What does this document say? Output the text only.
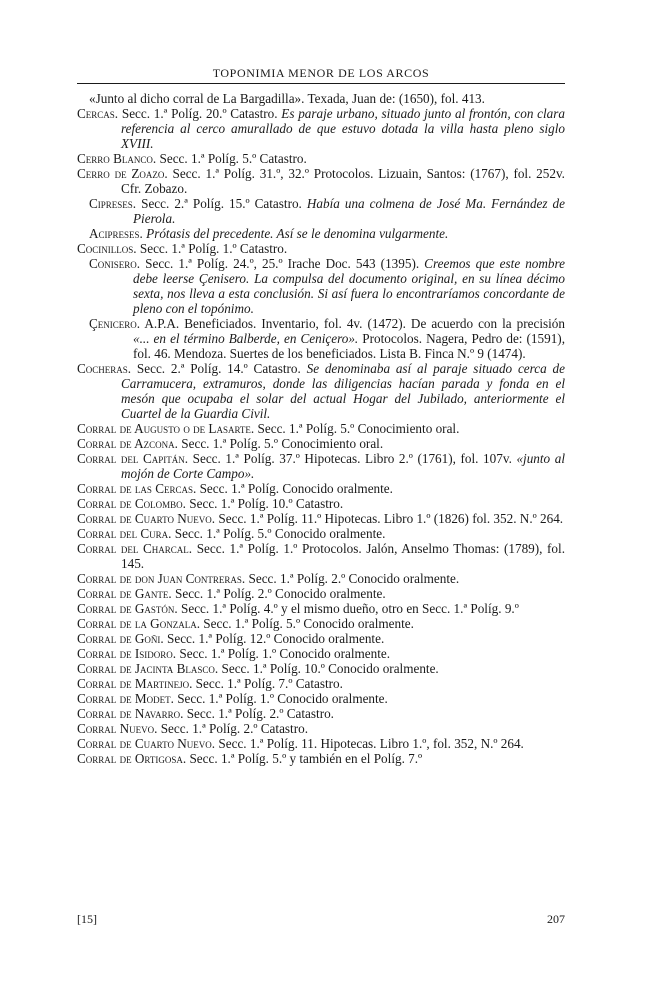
TOPONIMIA MENOR DE LOS ARCOS
«Junto al dicho corral de La Bargadilla». Texada, Juan de: (1650), fol. 413.
Cercas. Secc. 1.ª Políg. 20.º Catastro. Es paraje urbano, situado junto al frontón, con clara referencia al cerco amurallado de que estuvo dotada la villa hasta pleno siglo XVIII.
Cerro Blanco. Secc. 1.ª Políg. 5.º Catastro.
Cerro de Zoazo. Secc. 1.ª Políg. 31.º, 32.º Protocolos. Lizuain, Santos: (1767), fol. 252v. Cfr. Zobazo.
Cipreses. Secc. 2.ª Políg. 15.º Catastro. Había una colmena de José Ma. Fernández de Pierola.
Acipreses. Prótasis del precedente. Así se le denomina vulgarmente.
Cocinillos. Secc. 1.ª Políg. 1.º Catastro.
Conisero. Secc. 1.ª Políg. 24.º, 25.º Irache Doc. 543 (1395). Creemos que este nombre debe leerse Çenisero. La compulsa del documento original, en su línea décimo sexta, nos lleva a esta conclusión. Si así fuera lo encontraríamos concordante de pleno con el topónimo.
Çenicero. A.P.A. Beneficiados. Inventario, fol. 4v. (1472). De acuerdo con la precisión «... en el término Balberde, en Ceniçero». Protocolos. Nagera, Pedro de: (1591), fol. 46. Mendoza. Suertes de los beneficiados. Lista B. Finca N.º 9 (1474).
Cocheras. Secc. 2.ª Políg. 14.º Catastro. Se denominaba así al paraje situado cerca de Carramucera, extramuros, donde las diligencias hacían parada y fonda en el mesón que ocupaba el solar del actual Hogar del Jubilado, anteriormente el Cuartel de la Guardia Civil.
Corral de Augusto o de Lasarte. Secc. 1.ª Políg. 5.º Conocimiento oral.
Corral de Azcona. Secc. 1.ª Políg. 5.º Conocimiento oral.
Corral del Capitán. Secc. 1.ª Políg. 37.º Hipotecas. Libro 2.º (1761), fol. 107v. «junto al mojón de Corte Campo».
Corral de las Cercas. Secc. 1.ª Políg. Conocido oralmente.
Corral de Colombo. Secc. 1.ª Políg. 10.º Catastro.
Corral de Cuarto Nuevo. Secc. 1.ª Políg. 11.º Hipotecas. Libro 1.º (1826) fol. 352. N.º 264.
Corral del Cura. Secc. 1.ª Políg. 5.º Conocido oralmente.
Corral del Charcal. Secc. 1.ª Políg. 1.º Protocolos. Jalón, Anselmo Thomas: (1789), fol. 145.
Corral de don Juan Contreras. Secc. 1.ª Políg. 2.º Conocido oralmente.
Corral de Gante. Secc. 1.ª Políg. 2.º Conocido oralmente.
Corral de Gastón. Secc. 1.ª Políg. 4.º y el mismo dueño, otro en Secc. 1.ª Políg. 9.º
Corral de la Gonzala. Secc. 1.ª Políg. 5.º Conocido oralmente.
Corral de Goñi. Secc. 1.ª Políg. 12.º Conocido oralmente.
Corral de Isidoro. Secc. 1.ª Políg. 1.º Conocido oralmente.
Corral de Jacinta Blasco. Secc. 1.ª Políg. 10.º Conocido oralmente.
Corral de Martinejo. Secc. 1.ª Políg. 7.º Catastro.
Corral de Modet. Secc. 1.ª Políg. 1.º Conocido oralmente.
Corral de Navarro. Secc. 1.ª Políg. 2.º Catastro.
Corral Nuevo. Secc. 1.ª Políg. 2.º Catastro.
Corral de Cuarto Nuevo. Secc. 1.ª Políg. 11. Hipotecas. Libro 1.º, fol. 352, N.º 264.
Corral de Ortigosa. Secc. 1.ª Políg. 5.º y también en el Políg. 7.º
[15]	207
